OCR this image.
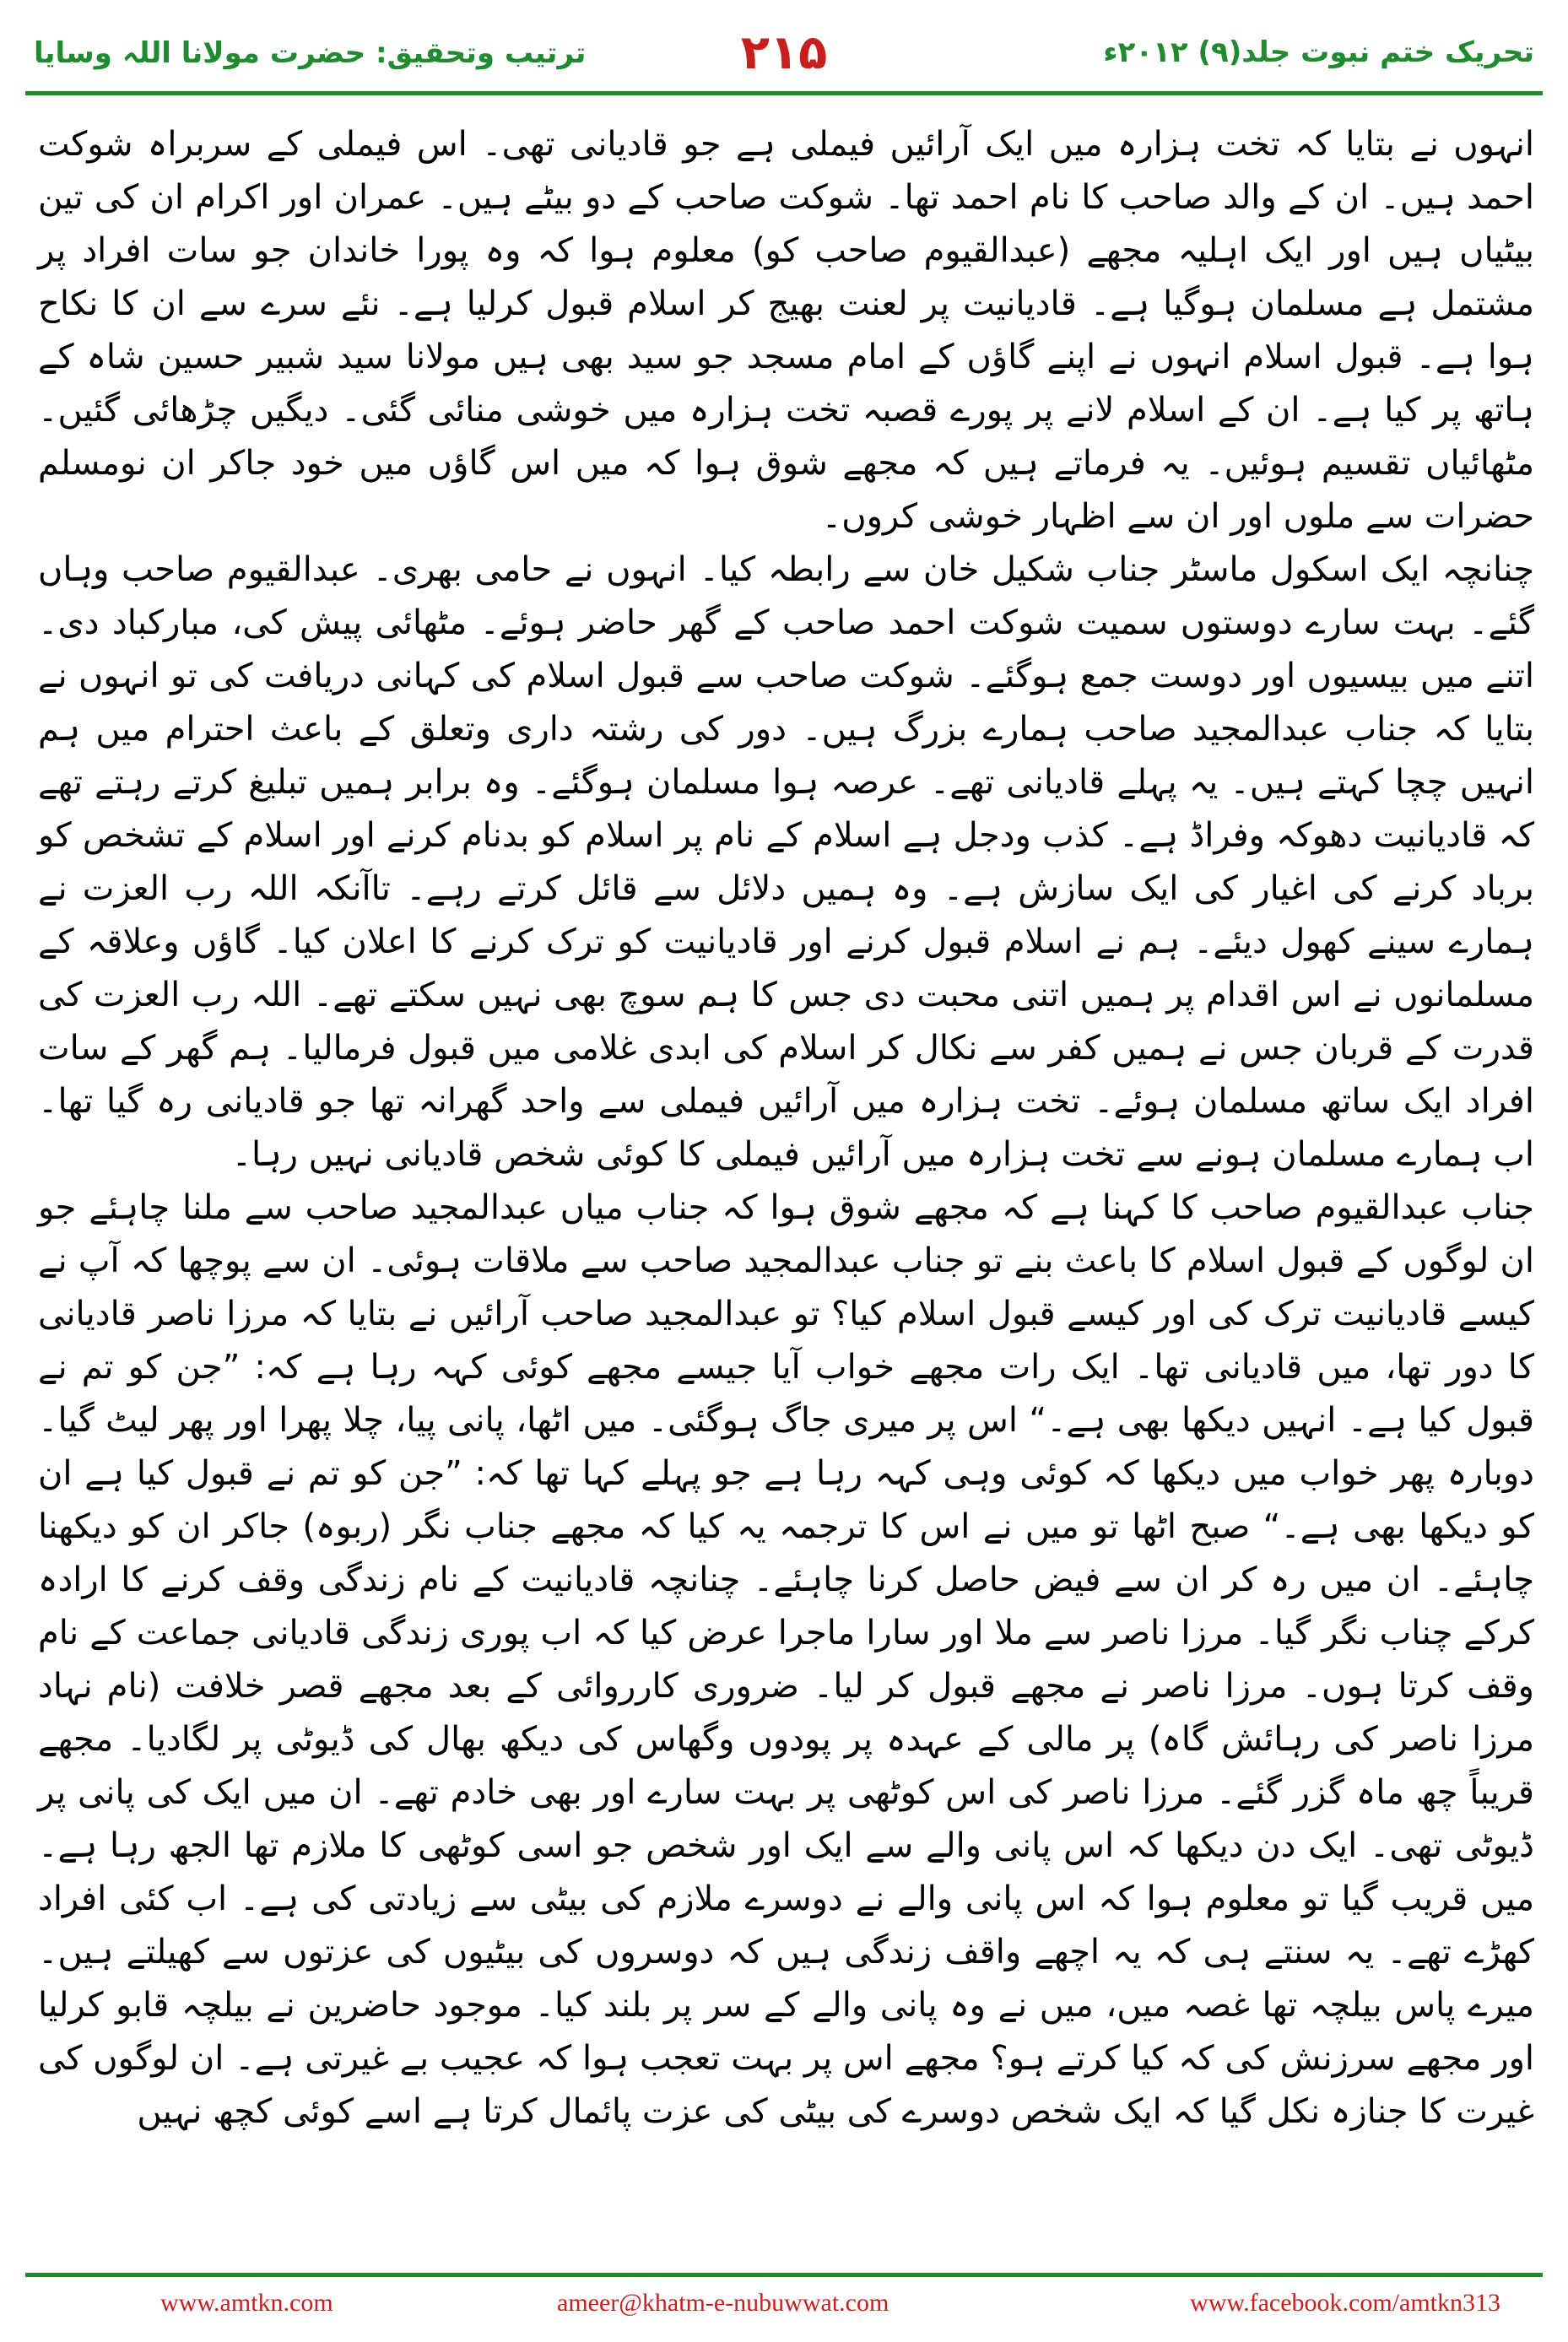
ترتیب وتحقیق: حضرت مولانا اللہ وسایا	۲۱۵	تحریک ختم نبوت جلد(۹) ۲۰۱۲ء

انہوں نے بتایا کہ تخت ہزارہ میں ایک آرائیں فیملی ہے جو قادیانی تھی۔ اس فیملی کے سربراہ شوکت احمد ہیں۔ ان کے والد صاحب کا نام احمد تھا۔ شوکت صاحب کے دو بیٹے ہیں۔ عمران اور اکرام ان کی تین بیٹیاں ہیں اور ایک اہلیہ مجھے (عبدالقیوم صاحب کو) معلوم ہوا کہ وہ پورا خاندان جو سات افراد پر مشتمل ہے مسلمان ہوگیا ہے۔ قادیانیت پر لعنت بھیج کر اسلام قبول کرلیا ہے۔ نئے سرے سے ان کا نکاح ہوا ہے۔ قبول اسلام انہوں نے اپنے گاؤں کے امام مسجد جو سید بھی ہیں مولانا سید شبیر حسین شاہ کے ہاتھ پر کیا ہے۔ ان کے اسلام لانے پر پورے قصبہ تخت ہزارہ میں خوشی منائی گئی۔ دیگیں چڑھائی گئیں۔ مٹھائیاں تقسیم ہوئیں۔ یہ فرماتے ہیں کہ مجھے شوق ہوا کہ میں اس گاؤں میں خود جاکر ان نومسلم حضرات سے ملوں اور ان سے اظہار خوشی کروں۔

چنانچہ ایک اسکول ماسٹر جناب شکیل خان سے رابطہ کیا۔ انہوں نے حامی بھری۔ عبدالقیوم صاحب وہاں گئے۔ بہت سارے دوستوں سمیت شوکت احمد صاحب کے گھر حاضر ہوئے۔ مٹھائی پیش کی، مبارکباد دی۔ اتنے میں بیسیوں اور دوست جمع ہوگئے۔ شوکت صاحب سے قبول اسلام کی کہانی دریافت کی تو انہوں نے بتایا کہ جناب عبدالمجید صاحب ہمارے بزرگ ہیں۔ دور کی رشتہ داری وتعلق کے باعث احترام میں ہم انہیں چچا کہتے ہیں۔ یہ پہلے قادیانی تھے۔ عرصہ ہوا مسلمان ہوگئے۔ وہ برابر ہمیں تبلیغ کرتے رہتے تھے کہ قادیانیت دھوکہ وفراڈ ہے۔ کذب ودجل ہے اسلام کے نام پر اسلام کو بدنام کرنے اور اسلام کے تشخص کو برباد کرنے کی اغیار کی ایک سازش ہے۔ وہ ہمیں دلائل سے قائل کرتے رہے۔ تاآنکہ اللہ رب العزت نے ہمارے سینے کھول دیئے۔ ہم نے اسلام قبول کرنے اور قادیانیت کو ترک کرنے کا اعلان کیا۔ گاؤں وعلاقہ کے مسلمانوں نے اس اقدام پر ہمیں اتنی محبت دی جس کا ہم سوچ بھی نہیں سکتے تھے۔ اللہ رب العزت کی قدرت کے قربان جس نے ہمیں کفر سے نکال کر اسلام کی ابدی غلامی میں قبول فرمالیا۔ ہم گھر کے سات افراد ایک ساتھ مسلمان ہوئے۔ تخت ہزارہ میں آرائیں فیملی سے واحد گھرانہ تھا جو قادیانی رہ گیا تھا۔ اب ہمارے مسلمان ہونے سے تخت ہزارہ میں آرائیں فیملی کا کوئی شخص قادیانی نہیں رہا۔

جناب عبدالقیوم صاحب کا کہنا ہے کہ مجھے شوق ہوا کہ جناب میاں عبدالمجید صاحب سے ملنا چاہئے جو ان لوگوں کے قبول اسلام کا باعث بنے تو جناب عبدالمجید صاحب سے ملاقات ہوئی۔ ان سے پوچھا کہ آپ نے کیسے قادیانیت ترک کی اور کیسے قبول اسلام کیا؟ تو عبدالمجید صاحب آرائیں نے بتایا کہ مرزا ناصر قادیانی کا دور تھا، میں قادیانی تھا۔ ایک رات مجھے خواب آیا جیسے مجھے کوئی کہہ رہا ہے کہ: ”جن کو تم نے قبول کیا ہے۔ انہیں دیکھا بھی ہے۔“ اس پر میری جاگ ہوگئی۔ میں اٹھا، پانی پیا، چلا پھرا اور پھر لیٹ گیا۔ دوبارہ پھر خواب میں دیکھا کہ کوئی وہی کہہ رہا ہے جو پہلے کہا تھا کہ: ”جن کو تم نے قبول کیا ہے ان کو دیکھا بھی ہے۔“ صبح اٹھا تو میں نے اس کا ترجمہ یہ کیا کہ مجھے جناب نگر (ربوہ) جاکر ان کو دیکھنا چاہئے۔ ان میں رہ کر ان سے فیض حاصل کرنا چاہئے۔ چنانچہ قادیانیت کے نام زندگی وقف کرنے کا ارادہ کرکے چناب نگر گیا۔ مرزا ناصر سے ملا اور سارا ماجرا عرض کیا کہ اب پوری زندگی قادیانی جماعت کے نام وقف کرتا ہوں۔ مرزا ناصر نے مجھے قبول کر لیا۔ ضروری کارروائی کے بعد مجھے قصر خلافت (نام نہاد مرزا ناصر کی رہائش گاہ) پر مالی کے عہدہ پر پودوں وگھاس کی دیکھ بھال کی ڈیوٹی پر لگادیا۔ مجھے قریباً چھ ماہ گزر گئے۔ مرزا ناصر کی اس کوٹھی پر بہت سارے اور بھی خادم تھے۔ ان میں ایک کی پانی پر ڈیوٹی تھی۔ ایک دن دیکھا کہ اس پانی والے سے ایک اور شخص جو اسی کوٹھی کا ملازم تھا الجھ رہا ہے۔ میں قریب گیا تو معلوم ہوا کہ اس پانی والے نے دوسرے ملازم کی بیٹی سے زیادتی کی ہے۔ اب کئی افراد کھڑے تھے۔ یہ سنتے ہی کہ یہ اچھے واقف زندگی ہیں کہ دوسروں کی بیٹیوں کی عزتوں سے کھیلتے ہیں۔ میرے پاس بیلچہ تھا غصہ میں، میں نے وہ پانی والے کے سر پر بلند کیا۔ موجود حاضرین نے بیلچہ قابو کرلیا اور مجھے سرزنش کی کہ کیا کرتے ہو؟ مجھے اس پر بہت تعجب ہوا کہ عجیب بے غیرتی ہے۔ ان لوگوں کی غیرت کا جنازہ نکل گیا کہ ایک شخص دوسرے کی بیٹی کی عزت پائمال کرتا ہے اسے کوئی کچھ نہیں

www.amtkn.com	ameer@khatm-e-nubuwwat.com	www.facebook.com/amtkn313
